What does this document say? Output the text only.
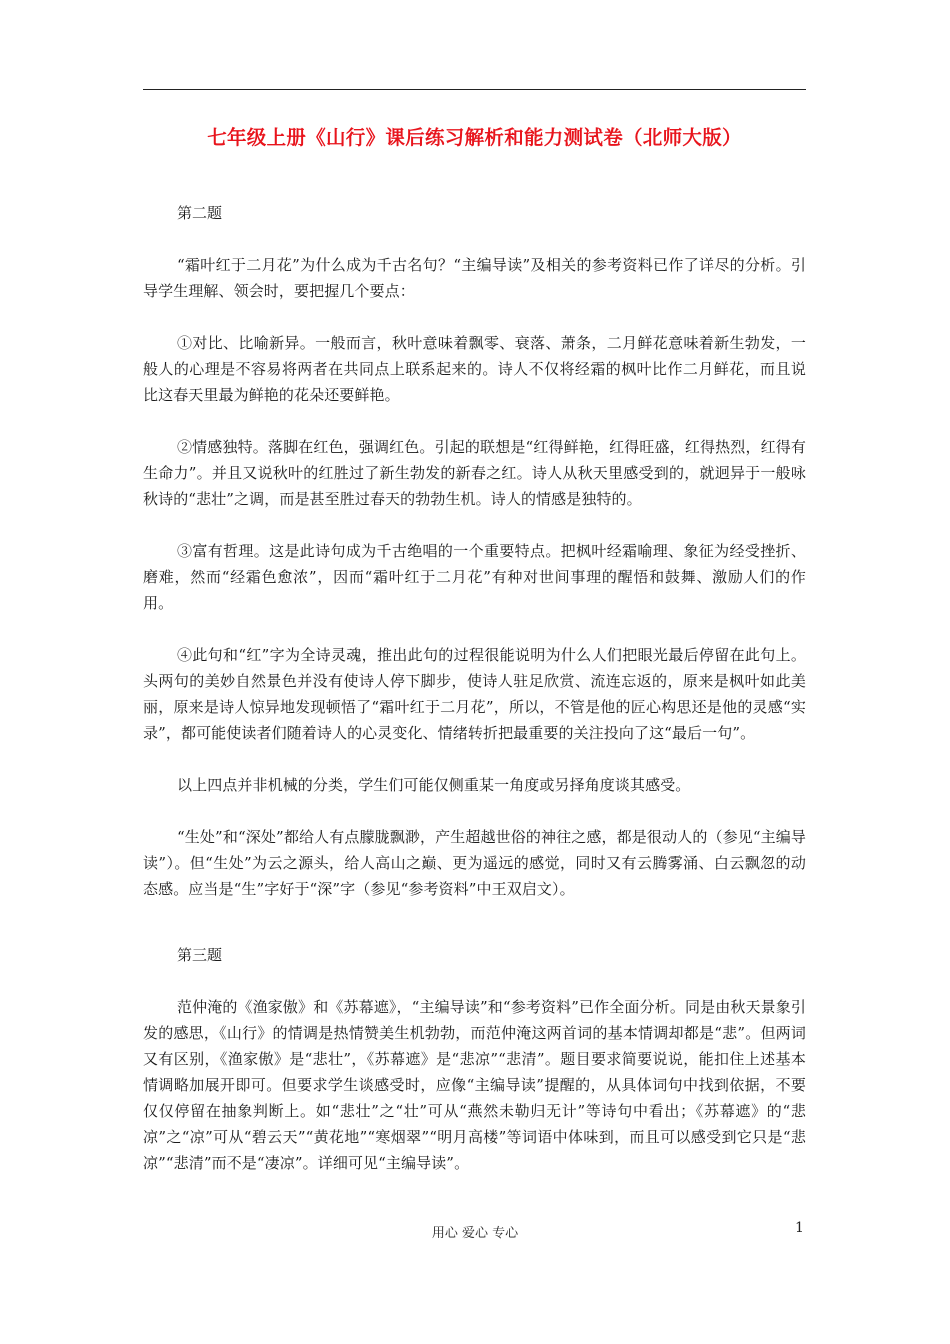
七年级上册《山行》课后练习解析和能力测试卷（北师大版）

第二题

“霜叶红于二月花”为什么成为千古名句？“主编导读”及相关的参考资料已作了详尽的分析。引导学生理解、领会时，要把握几个要点：

①对比、比喻新异。一般而言，秋叶意味着飘零、衰落、萧条，二月鲜花意味着新生勃发，一般人的心理是不容易将两者在共同点上联系起来的。诗人不仅将经霜的枫叶比作二月鲜花，而且说比这春天里最为鲜艳的花朵还要鲜艳。

②情感独特。落脚在红色，强调红色。引起的联想是“红得鲜艳，红得旺盛，红得热烈，红得有生命力”。并且又说秋叶的红胜过了新生勃发的新春之红。诗人从秋天里感受到的，就迥异于一般咏秋诗的“悲壮”之调，而是甚至胜过春天的勃勃生机。诗人的情感是独特的。

③富有哲理。这是此诗句成为千古绝唱的一个重要特点。把枫叶经霜喻理、象征为经受挫折、磨难，然而“经霜色愈浓”，因而“霜叶红于二月花”有种对世间事理的醒悟和鼓舞、激励人们的作用。

④此句和“红”字为全诗灵魂，推出此句的过程很能说明为什么人们把眼光最后停留在此句上。头两句的美妙自然景色并没有使诗人停下脚步，使诗人驻足欣赏、流连忘返的，原来是枫叶如此美丽，原来是诗人惊异地发现顿悟了“霜叶红于二月花”，所以，不管是他的匠心构思还是他的灵感“实录”，都可能使读者们随着诗人的心灵变化、情绪转折把最重要的关注投向了这“最后一句”。

以上四点并非机械的分类，学生们可能仅侧重某一角度或另择角度谈其感受。

“生处”和“深处”都给人有点朦胧飘渺，产生超越世俗的神往之感，都是很动人的（参见“主编导读”）。但“生处”为云之源头，给人高山之巅、更为遥远的感觉，同时又有云腾雾涌、白云飘忽的动态感。应当是“生”字好于“深”字（参见“参考资料”中王双启文）。

第三题

范仲淹的《渔家傲》和《苏幕遮》，“主编导读”和“参考资料”已作全面分析。同是由秋天景象引发的感思，《山行》的情调是热情赞美生机勃勃，而范仲淹这两首词的基本情调却都是“悲”。但两词又有区别，《渔家傲》是“悲壮”，《苏幕遮》是“悲凉”“悲清”。题目要求简要说说，能扣住上述基本情调略加展开即可。但要求学生谈感受时，应像“主编导读”提醒的，从具体词句中找到依据，不要仅仅停留在抽象判断上。如“悲壮”之“壮”可从“燕然未勒归无计”等诗句中看出；《苏幕遮》的“悲凉”之“凉”可从“碧云天”“黄花地”“寒烟翠”“明月高楼”等词语中体味到，而且可以感受到它只是“悲凉”“悲清”而不是“凄凉”。详细可见“主编导读”。

用心 爱心 专心	1
